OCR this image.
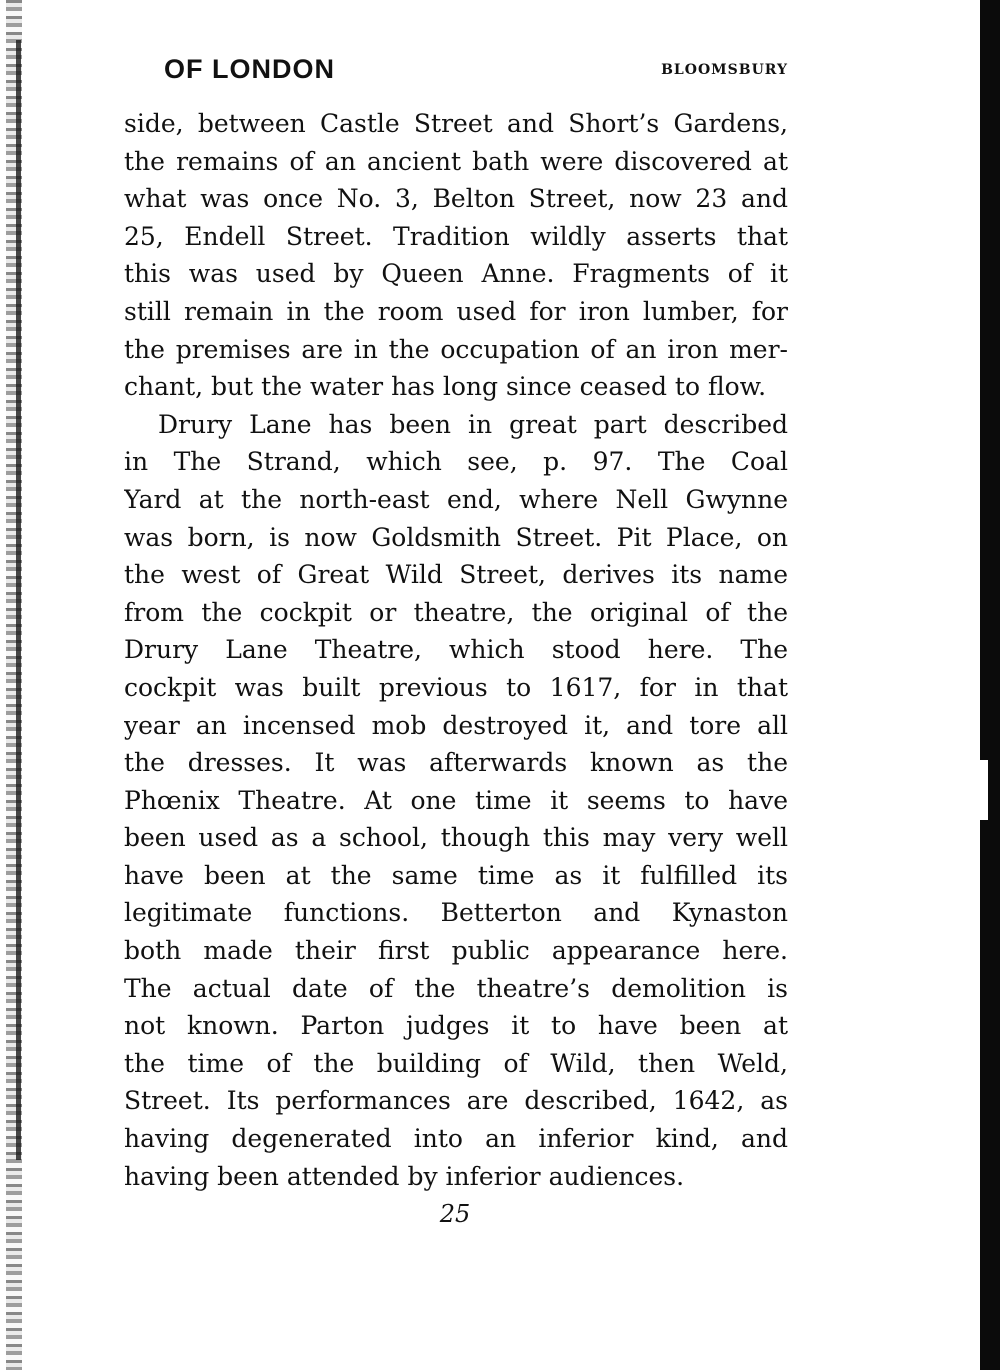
OF LONDON	BLOOMSBURY
side, between Castle Street and Short’s Gardens,
the remains of an ancient bath were discovered at
what was once No. 3, Belton Street, now 23 and
25, Endell Street. Tradition wildly asserts that
this was used by Queen Anne. Fragments of it
still remain in the room used for iron lumber, for
the premises are in the occupation of an iron mer-
chant, but the water has long since ceased to flow.
Drury Lane has been in great part described
in The Strand, which see, p. 97. The Coal
Yard at the north-east end, where Nell Gwynne
was born, is now Goldsmith Street. Pit Place, on
the west of Great Wild Street, derives its name
from the cockpit or theatre, the original of the
Drury Lane Theatre, which stood here. The
cockpit was built previous to 1617, for in that
year an incensed mob destroyed it, and tore all
the dresses. It was afterwards known as the
Phœnix Theatre. At one time it seems to have
been used as a school, though this may very well
have been at the same time as it fulfilled its
legitimate functions. Betterton and Kynaston
both made their first public appearance here.
The actual date of the theatre’s demolition is
not known. Parton judges it to have been at
the time of the building of Wild, then Weld,
Street. Its performances are described, 1642, as
having degenerated into an inferior kind, and
having been attended by inferior audiences.
25
